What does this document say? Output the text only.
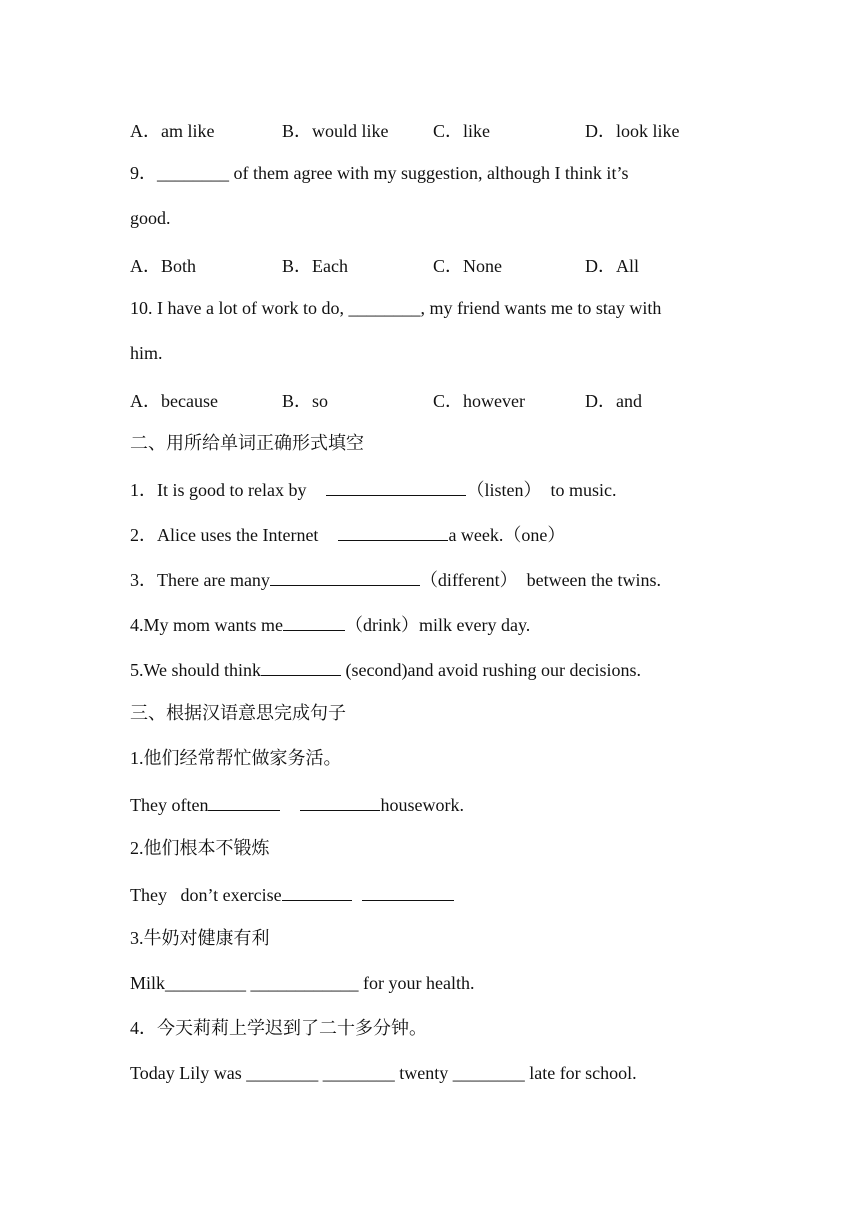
A．am like	B．would like C．like	D．look like
9．________ of them agree with my suggestion, although I think it’s
good.
A．Both	B．Each	C．None	D．All
10. I have a lot of work to do, ________, my friend wants me to stay with
him.
A．because	B．so	C．however	D．and
二、用所给单词正确形式填空
1．It is good to relax by	（listen）  to music.
2．Alice uses the Internet	a week.（one）
3．There are many	（different）  between the twins.
4.My mom wants me	（drink）milk every day.
5.We should think	(second)and avoid rushing our decisions.
三、根据汉语意思完成句子
1.他们经常帮忙做家务活。
They often	housework.
2.他们根本不锻炼
They   don’t exercise
3.牛奶对健康有利
Milk_________ ____________ for your health.
4．今天莉莉上学迟到了二十多分钟。
Today Lily was ________ ________ twenty ________ late for school.
